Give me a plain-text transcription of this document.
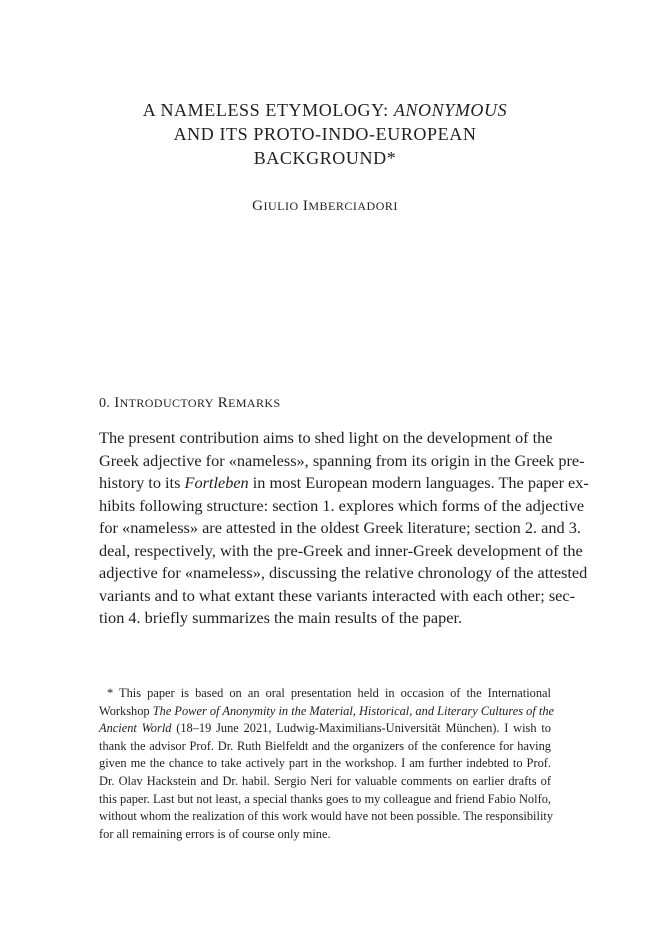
A NAMELESS ETYMOLOGY: ANONYMOUS
AND ITS PROTO-INDO-EUROPEAN
BACKGROUND*
GIULIO IMBERCIADORI
0. INTRODUCTORY REMARKS
The present contribution aims to shed light on the development of the
Greek adjective for «nameless», spanning from its origin in the Greek pre-
history to its Fortleben in most European modern languages. The paper ex-
hibits following structure: section 1. explores which forms of the adjective
for «nameless» are attested in the oldest Greek literature; section 2. and 3.
deal, respectively, with the pre-Greek and inner-Greek development of the
adjective for «nameless», discussing the relative chronology of the attested
variants and to what extant these variants interacted with each other; sec-
tion 4. briefly summarizes the main results of the paper.
* This paper is based on an oral presentation held in occasion of the International
Workshop The Power of Anonymity in the Material, Historical, and Literary Cultures of the
Ancient World (18–19 June 2021, Ludwig-Maximilians-Universität München). I wish to
thank the advisor Prof. Dr. Ruth Bielfeldt and the organizers of the conference for having
given me the chance to take actively part in the workshop. I am further indebted to Prof.
Dr. Olav Hackstein and Dr. habil. Sergio Neri for valuable comments on earlier drafts of
this paper. Last but not least, a special thanks goes to my colleague and friend Fabio Nolfo,
without whom the realization of this work would have not been possible. The responsibility
for all remaining errors is of course only mine.
